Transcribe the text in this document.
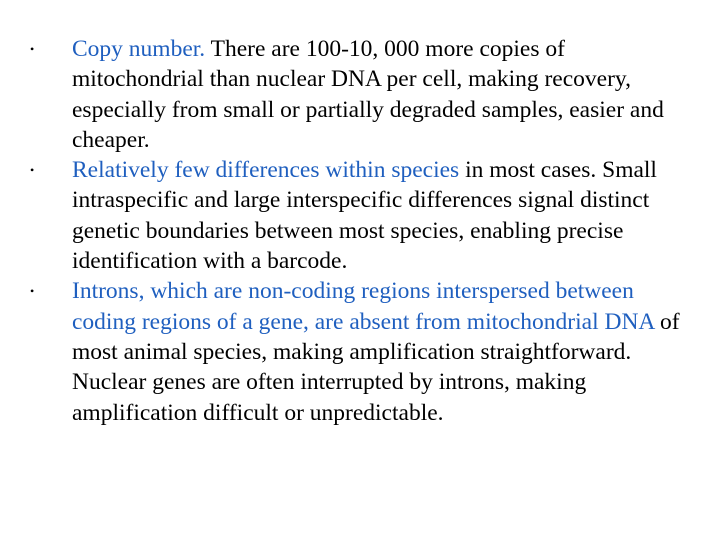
• Copy number. There are 100-10, 000 more copies of mitochondrial than nuclear DNA per cell, making recovery, especially from small or partially degraded samples, easier and cheaper.
• Relatively few differences within species in most cases. Small intraspecific and large interspecific differences signal distinct genetic boundaries between most species, enabling precise identification with a barcode.
• Introns, which are non-coding regions interspersed between coding regions of a gene, are absent from mitochondrial DNA of most animal species, making amplification straightforward. Nuclear genes are often interrupted by introns, making amplification difficult or unpredictable.
